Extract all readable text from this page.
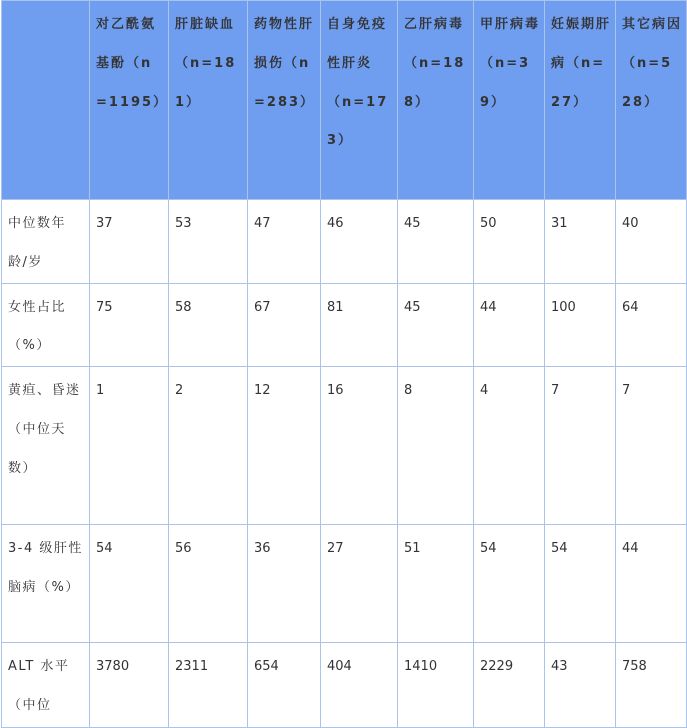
	对乙酰氨基酚（n=1195）	肝脏缺血（n=181）	药物性肝损伤（n=283）	自身免疫性肝炎（n=173）	乙肝病毒（n=188）	甲肝病毒（n=39）	妊娠期肝病（n=27）	其它病因（n=528）
中位数年龄/岁	37	53	47	46	45	50	31	40
女性占比（%）	75	58	67	81	45	44	100	64
黄疸、昏迷（中位天数）	1	2	12	16	8	4	7	7
3-4 级肝性脑病（%）	54	56	36	27	51	54	54	44
ALT 水平（中位	3780	2311	654	404	1410	2229	43	758
